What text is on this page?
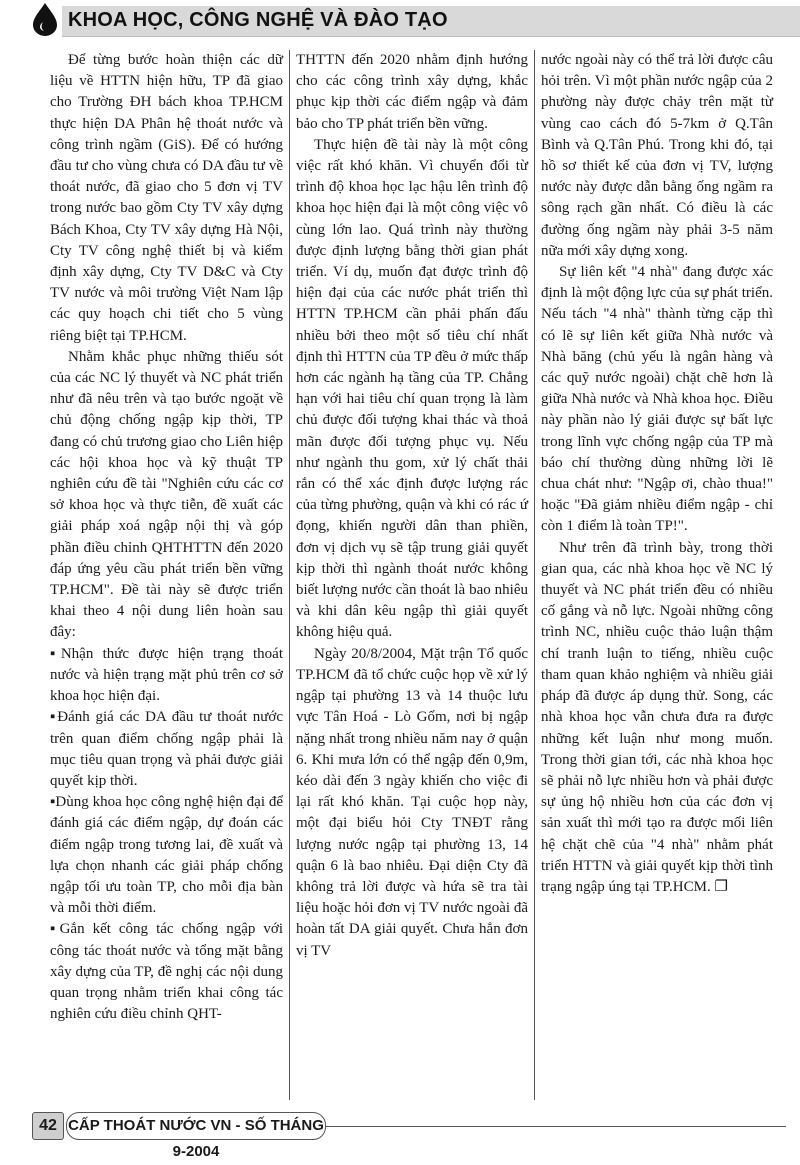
KHOA HỌC, CÔNG NGHỆ VÀ ĐÀO TẠO

Để từng bước hoàn thiện các dữ liệu về HTTN hiện hữu, TP đã giao cho Trường ĐH bách khoa TP.HCM thực hiện DA Phân hệ thoát nước và công trình ngầm (GiS). Để có hướng đầu tư cho vùng chưa có DA đầu tư về thoát nước, đã giao cho 5 đơn vị TV trong nước bao gồm Cty TV xây dựng Bách Khoa, Cty TV xây dựng Hà Nội, Cty TV công nghệ thiết bị và kiểm định xây dựng, Cty TV D&C và Cty TV nước và môi trường Việt Nam lập các quy hoạch chi tiết cho 5 vùng riêng biệt tại TP.HCM.

Nhằm khắc phục những thiếu sót của các NC lý thuyết và NC phát triển như đã nêu trên và tạo bước ngoặt về chủ động chống ngập kịp thời, TP đang có chủ trương giao cho Liên hiệp các hội khoa học và kỹ thuật TP nghiên cứu đề tài "Nghiên cứu các cơ sở khoa học và thực tiễn, đề xuất các giải pháp xoá ngập nội thị và góp phần điều chỉnh QHTHTTN đến 2020 đáp ứng yêu cầu phát triển bền vững TP.HCM". Đề tài này sẽ được triển khai theo 4 nội dung liên hoàn sau đây:

▪Nhận thức được hiện trạng thoát nước và hiện trạng mặt phủ trên cơ sở khoa học hiện đại.

▪Đánh giá các DA đầu tư thoát nước trên quan điểm chống ngập phải là mục tiêu quan trọng và phải được giải quyết kịp thời.

▪Dùng khoa học công nghệ hiện đại để đánh giá các điểm ngập, dự đoán các điểm ngập trong tương lai, đề xuất và lựa chọn nhanh các giải pháp chống ngập tối ưu toàn TP, cho mỗi địa bàn và mỗi thời điểm.

▪Gắn kết công tác chống ngập với công tác thoát nước và tổng mặt bằng xây dựng của TP, đề nghị các nội dung quan trọng nhằm triển khai công tác nghiên cứu điều chỉnh QHT-

THTTN đến 2020 nhằm định hướng cho các công trình xây dựng, khắc phục kịp thời các điểm ngập và đảm bảo cho TP phát triển bền vững.

Thực hiện đề tài này là một công việc rất khó khăn. Vì chuyển đổi từ trình độ khoa học lạc hậu lên trình độ khoa học hiện đại là một công việc vô cùng lớn lao. Quá trình này thường được định lượng bằng thời gian phát triển. Ví dụ, muốn đạt được trình độ hiện đại của các nước phát triển thì HTTN TP.HCM cần phải phấn đấu nhiều bởi theo một số tiêu chí nhất định thì HTTN của TP đều ở mức thấp hơn các ngành hạ tầng của TP. Chẳng hạn với hai tiêu chí quan trọng là làm chủ được đối tượng khai thác và thoả mãn được đối tượng phục vụ. Nếu như ngành thu gom, xử lý chất thải rắn có thể xác định được lượng rác của từng phường, quận và khi có rác ứ đọng, khiến người dân than phiền, đơn vị dịch vụ sẽ tập trung giải quyết kịp thời thì ngành thoát nước không biết lượng nước cần thoát là bao nhiêu và khi dân kêu ngập thì giải quyết không hiệu quả.

Ngày 20/8/2004, Mặt trận Tổ quốc TP.HCM đã tổ chức cuộc họp về xử lý ngập tại phường 13 và 14 thuộc lưu vực Tân Hoá - Lò Gốm, nơi bị ngập nặng nhất trong nhiều năm nay ở quận 6. Khi mưa lớn có thể ngập đến 0,9m, kéo dài đến 3 ngày khiến cho việc đi lại rất khó khăn. Tại cuộc họp này, một đại biểu hỏi Cty TNĐT rằng lượng nước ngập tại phường 13, 14 quận 6 là bao nhiêu. Đại diện Cty đã không trả lời được và hứa sẽ tra tài liệu hoặc hỏi đơn vị TV nước ngoài đã hoàn tất DA giải quyết. Chưa hẳn đơn vị TV

nước ngoài này có thể trả lời được câu hỏi trên. Vì một phần nước ngập của 2 phường này được chảy trên mặt từ vùng cao cách đó 5-7km ở Q.Tân Bình và Q.Tân Phú. Trong khi đó, tại hồ sơ thiết kế của đơn vị TV, lượng nước này được dẫn bằng ống ngầm ra sông rạch gần nhất. Có điều là các đường ống ngầm này phải 3-5 năm nữa mới xây dựng xong.

Sự liên kết "4 nhà" đang được xác định là một động lực của sự phát triển. Nếu tách "4 nhà" thành từng cặp thì có lẽ sự liên kết giữa Nhà nước và Nhà băng (chủ yếu là ngân hàng và các quỹ nước ngoài) chặt chẽ hơn là giữa Nhà nước và Nhà khoa học. Điều này phần nào lý giải được sự bất lực trong lĩnh vực chống ngập của TP mà báo chí thường dùng những lời lẽ chua chát như: "Ngập ơi, chào thua!" hoặc "Đã giảm nhiều điểm ngập - chỉ còn 1 điểm là toàn TP!".

Như trên đã trình bày, trong thời gian qua, các nhà khoa học về NC lý thuyết và NC phát triển đều có nhiều cố gắng và nỗ lực. Ngoài những công trình NC, nhiều cuộc thảo luận thậm chí tranh luận to tiếng, nhiều cuộc tham quan khảo nghiệm và nhiều giải pháp đã được áp dụng thử. Song, các nhà khoa học vẫn chưa đưa ra được những kết luận như mong muốn. Trong thời gian tới, các nhà khoa học sẽ phải nỗ lực nhiều hơn và phải được sự ủng hộ nhiều hơn của các đơn vị sản xuất thì mới tạo ra được mối liên hệ chặt chẽ của "4 nhà" nhằm phát triển HTTN và giải quyết kịp thời tình trạng ngập úng tại TP.HCM. ❐

42 CẤP THOÁT NƯỚC VN - SỐ THÁNG 9-2004
